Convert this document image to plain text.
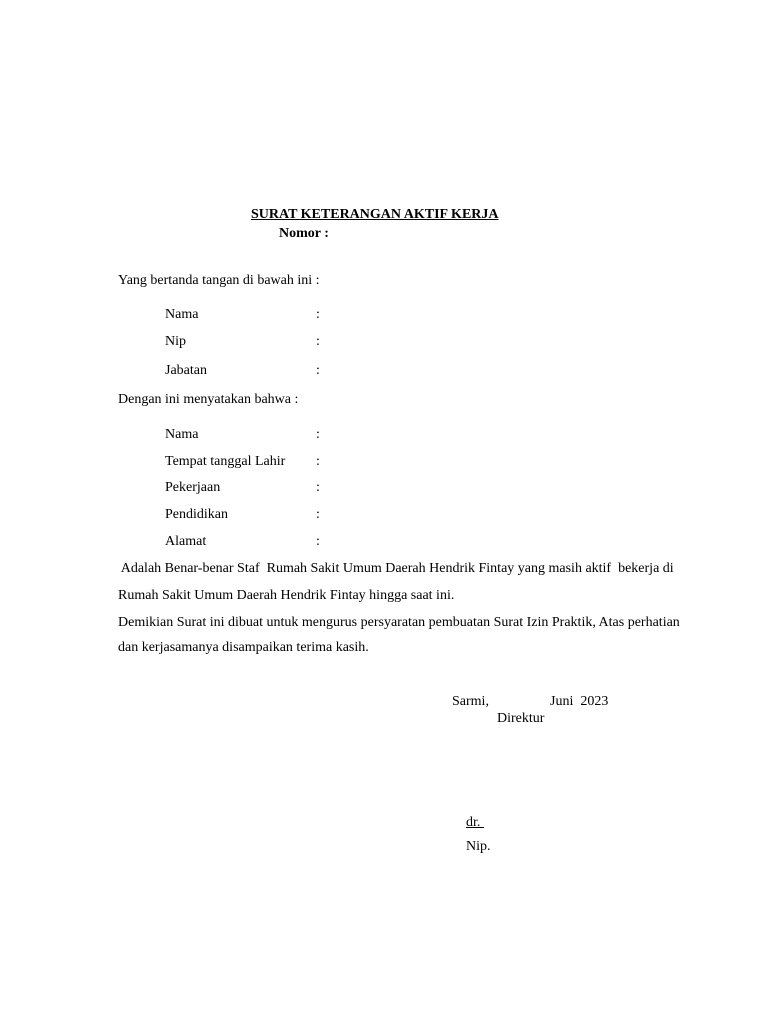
SURAT KETERANGAN AKTIF KERJA
Nomor :
Yang bertanda tangan di bawah ini :
Nama	:
Nip	:
Jabatan	:
Dengan ini menyatakan bahwa :
Nama	:
Tempat tanggal Lahir :
Pekerjaan	:
Pendidikan	:
Alamat	:
Adalah Benar-benar Staf  Rumah Sakit Umum Daerah Hendrik Fintay yang masih aktif  bekerja di
Rumah Sakit Umum Daerah Hendrik Fintay hingga saat ini.
Demikian Surat ini dibuat untuk mengurus persyaratan pembuatan Surat Izin Praktik, Atas perhatian
dan kerjasamanya disampaikan terima kasih.
Sarmi,	Juni  2023
Direktur
dr.
Nip.
